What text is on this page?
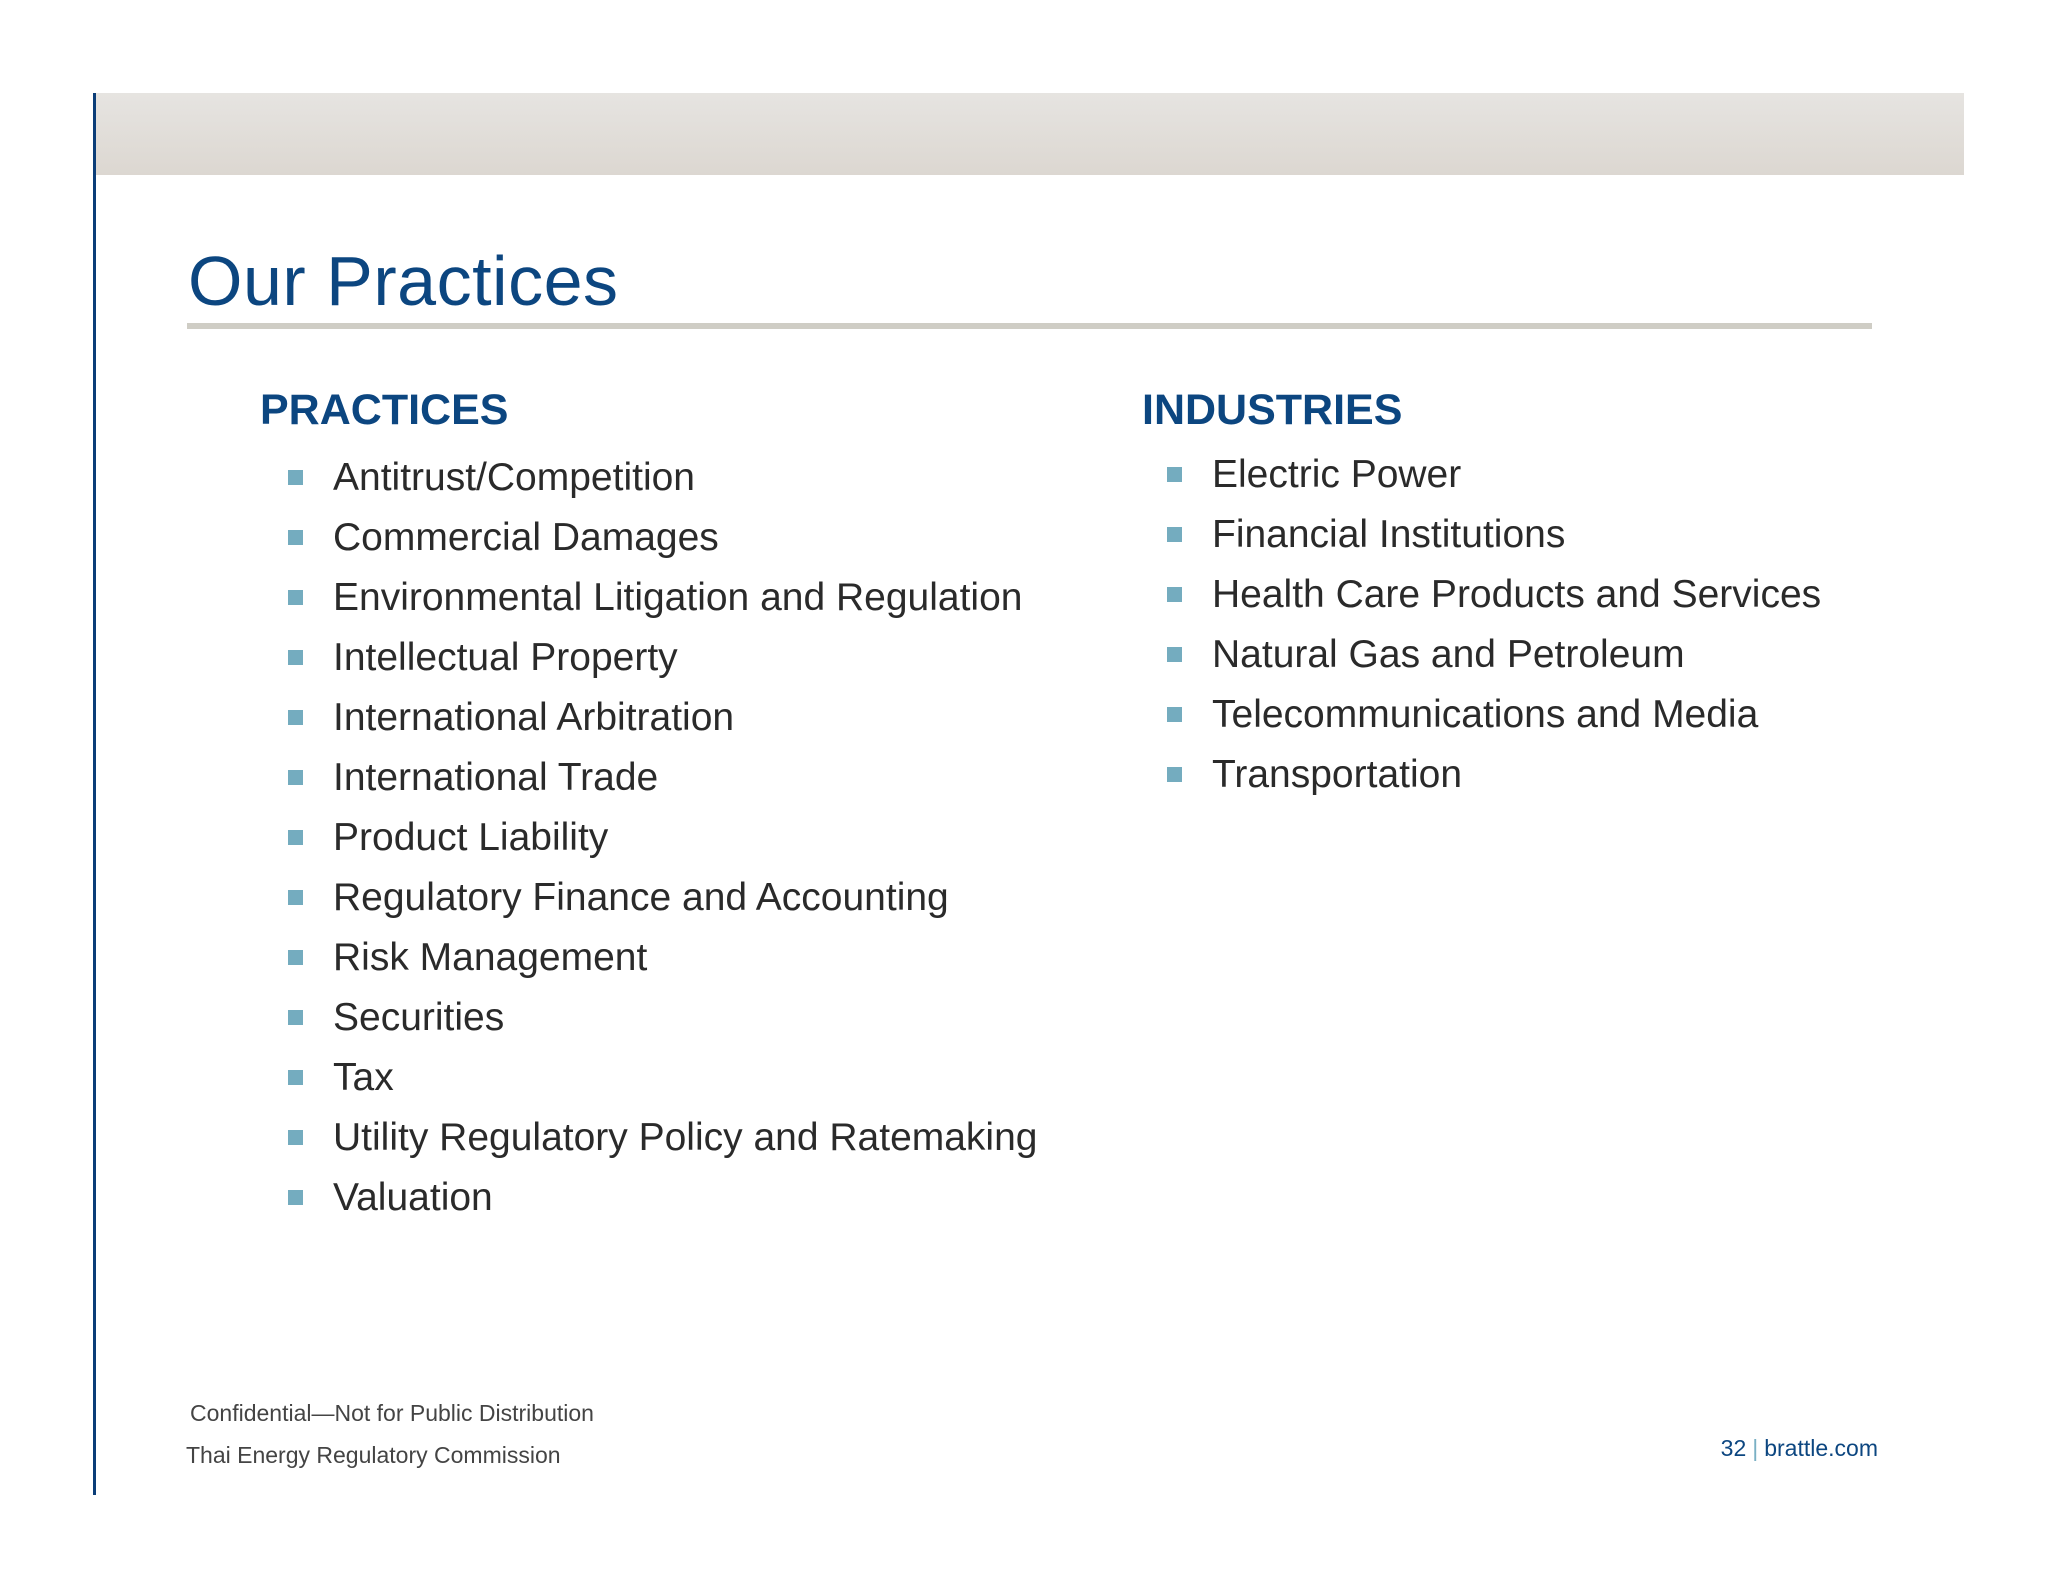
Our Practices
PRACTICES
Antitrust/Competition
Commercial Damages
Environmental Litigation and Regulation
Intellectual Property
International Arbitration
International Trade
Product Liability
Regulatory Finance and Accounting
Risk Management
Securities
Tax
Utility Regulatory Policy and Ratemaking
Valuation
INDUSTRIES
Electric Power
Financial Institutions
Health Care Products and Services
Natural Gas and Petroleum
Telecommunications and Media
Transportation
Confidential—Not for Public Distribution
Thai Energy Regulatory Commission	32 | brattle.com
